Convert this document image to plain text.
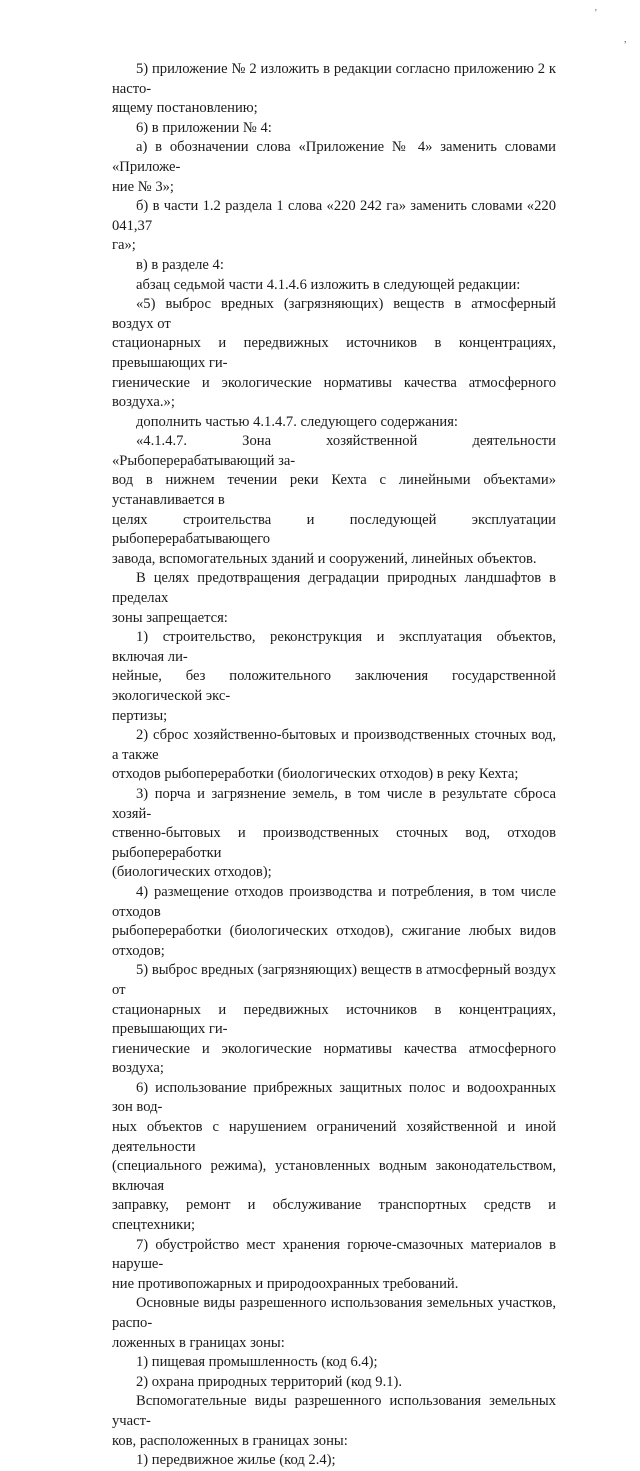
'
,

5) приложение № 2 изложить в редакции согласно приложению 2 к насто-
ящему постановлению;

6) в приложении № 4:

а) в обозначении слова «Приложение № 4» заменить словами «Приложе-
ние № 3»;

б) в части 1.2 раздела 1 слова «220 242 га» заменить словами «220 041,37
га»;

в) в разделе 4:

абзац седьмой части 4.1.4.6 изложить в следующей редакции:

«5) выброс вредных (загрязняющих) веществ в атмосферный воздух от
стационарных и передвижных источников в концентрациях, превышающих ги-
гиенические и экологические нормативы качества атмосферного воздуха.»;

дополнить частью 4.1.4.7. следующего содержания:

«4.1.4.7. Зона хозяйственной деятельности «Рыбоперерабатывающий за-
вод в нижнем течении реки Кехта с линейными объектами» устанавливается в
целях строительства и последующей эксплуатации рыбоперерабатывающего
завода, вспомогательных зданий и сооружений, линейных объектов.

В целях предотвращения деградации природных ландшафтов в пределах
зоны запрещается:

1) строительство, реконструкция и эксплуатация объектов, включая ли-
нейные, без положительного заключения государственной экологической экс-
пертизы;

2) сброс хозяйственно-бытовых и производственных сточных вод, а также
отходов рыбопереработки (биологических отходов) в реку Кехта;

3) порча и загрязнение земель, в том числе в результате сброса хозяй-
ственно-бытовых и производственных сточных вод, отходов рыбопереработки
(биологических отходов);

4) размещение отходов производства и потребления, в том числе отходов
рыбопереработки (биологических отходов), сжигание любых видов отходов;

5) выброс вредных (загрязняющих) веществ в атмосферный воздух от
стационарных и передвижных источников в концентрациях, превышающих ги-
гиенические и экологические нормативы качества атмосферного воздуха;

6) использование прибрежных защитных полос и водоохранных зон вод-
ных объектов с нарушением ограничений хозяйственной и иной деятельности
(специального режима), установленных водным законодательством, включая
заправку, ремонт и обслуживание транспортных средств и спецтехники;

7) обустройство мест хранения горюче-смазочных материалов в наруше-
ние противопожарных и природоохранных требований.

Основные виды разрешенного использования земельных участков, распо-
ложенных в границах зоны:

1) пищевая промышленность (код 6.4);

2) охрана природных территорий (код 9.1).

Вспомогательные виды разрешенного использования земельных участ-
ков, расположенных в границах зоны:

1) передвижное жилье (код 2.4);
